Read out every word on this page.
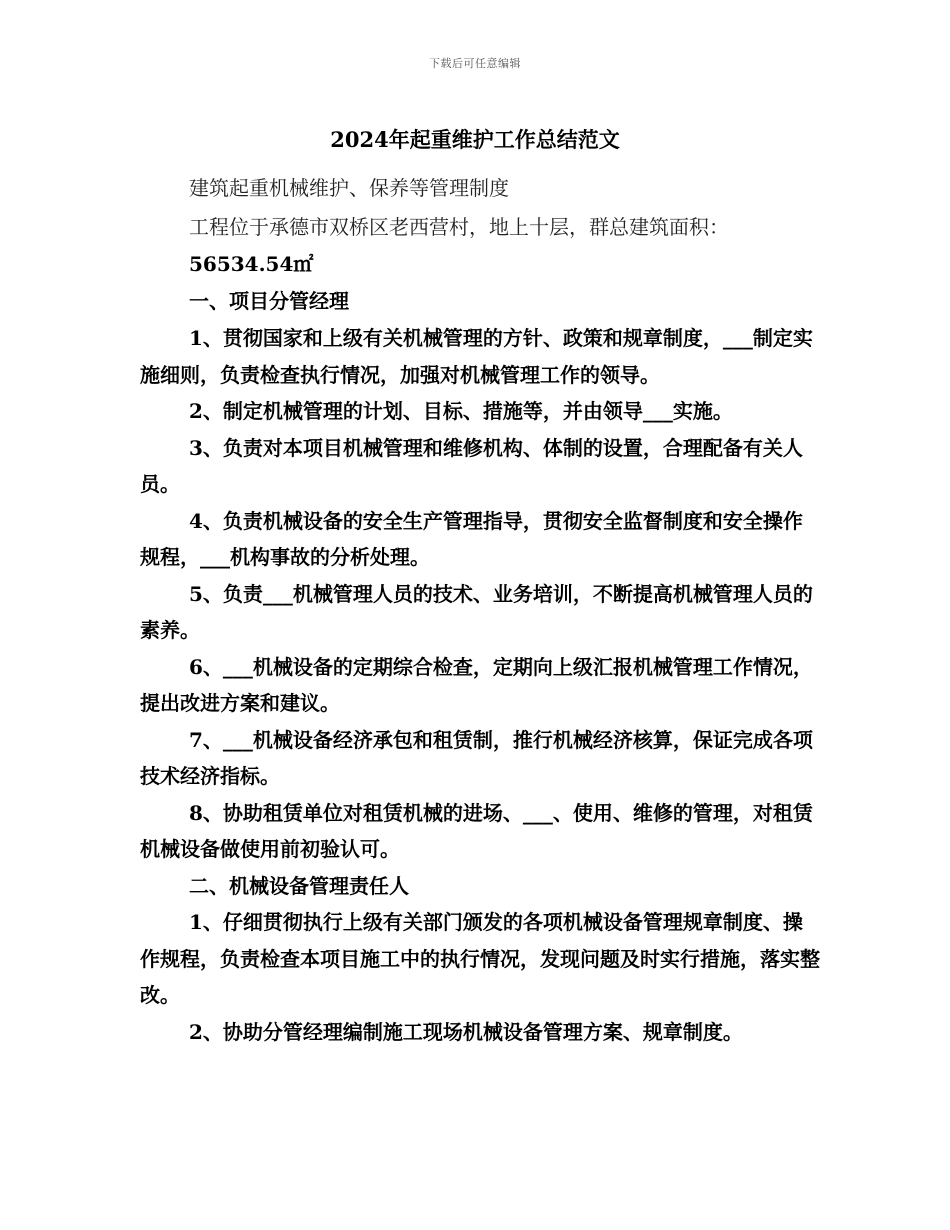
下载后可任意编辑
2024年起重维护工作总结范文
建筑起重机械维护、保养等管理制度
工程位于承德市双桥区老西营村，地上十层，群总建筑面积：
56534.54㎡
一、项目分管经理

1、贯彻国家和上级有关机械管理的方针、政策和规章制度，___制定实施细则，负责检查执行情况，加强对机械管理工作的领导。

2、制定机械管理的计划、目标、措施等，并由领导___实施。

3、负责对本项目机械管理和维修机构、体制的设置，合理配备有关人员。

4、负责机械设备的安全生产管理指导，贯彻安全监督制度和安全操作规程，___机构事故的分析处理。

5、负责___机械管理人员的技术、业务培训，不断提高机械管理人员的素养。

6、___机械设备的定期综合检查，定期向上级汇报机械管理工作情况，提出改进方案和建议。

7、___机械设备经济承包和租赁制，推行机械经济核算，保证完成各项技术经济指标。

8、协助租赁单位对租赁机械的进场、___、使用、维修的管理，对租赁机械设备做使用前初验认可。

二、机械设备管理责任人

1、仔细贯彻执行上级有关部门颁发的各项机械设备管理规章制度、操作规程，负责检查本项目施工中的执行情况，发现问题及时实行措施，落实整改。

2、协助分管经理编制施工现场机械设备管理方案、规章制度。
